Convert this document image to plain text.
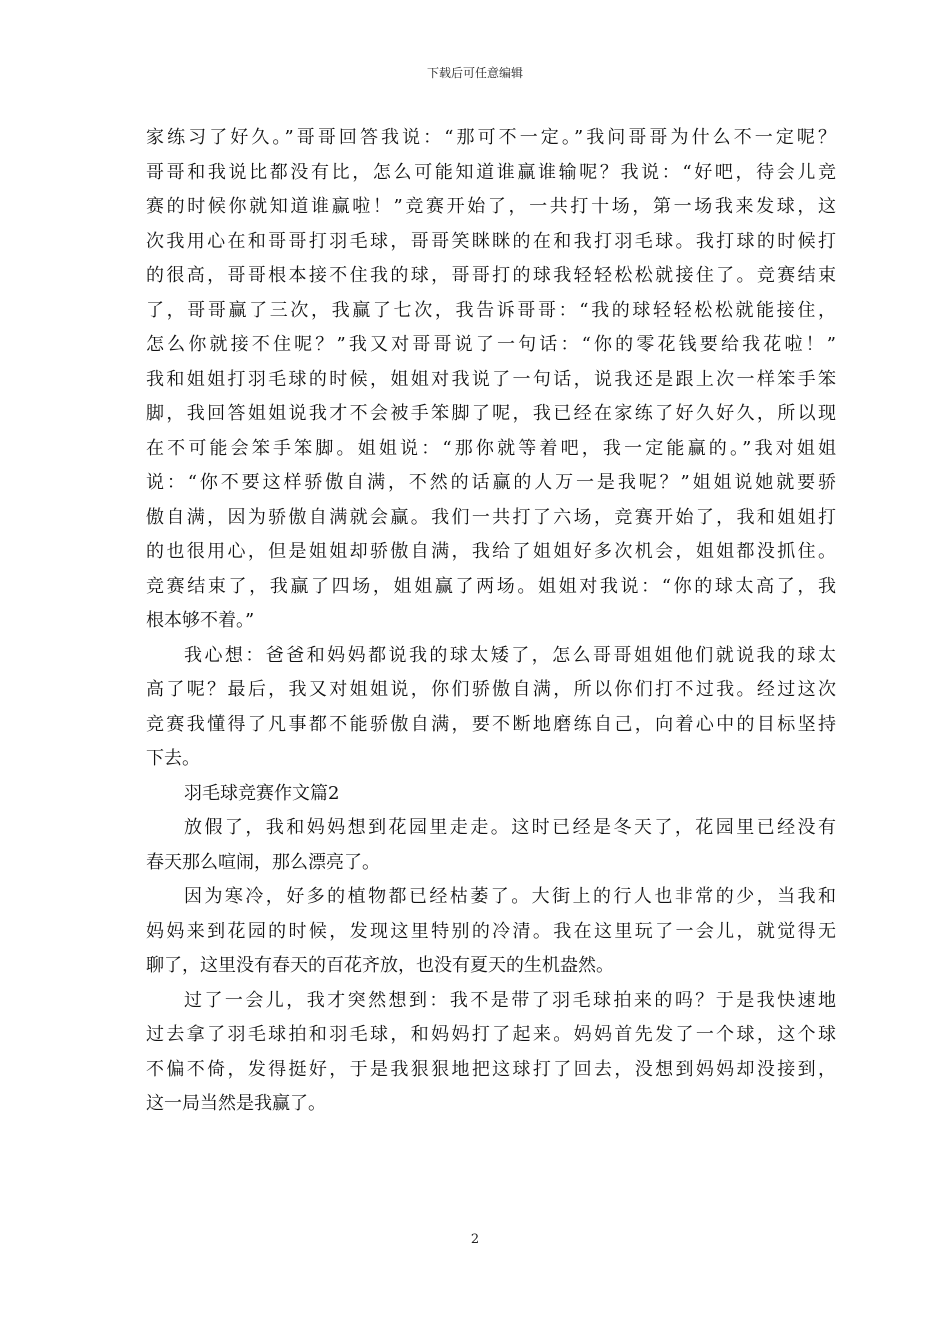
下载后可任意编辑
家练习了好久。”哥哥回答我说：“那可不一定。”我问哥哥为什么不一定呢？
哥哥和我说比都没有比，怎么可能知道谁赢谁输呢？我说：“好吧，待会儿竞
赛的时候你就知道谁赢啦！”竞赛开始了，一共打十场，第一场我来发球，这
次我用心在和哥哥打羽毛球，哥哥笑眯眯的在和我打羽毛球。我打球的时候打
的很高，哥哥根本接不住我的球，哥哥打的球我轻轻松松就接住了。竞赛结束
了，哥哥赢了三次，我赢了七次，我告诉哥哥：“我的球轻轻松松就能接住，
怎么你就接不住呢？”我又对哥哥说了一句话：“你的零花钱要给我花啦！”
我和姐姐打羽毛球的时候，姐姐对我说了一句话，说我还是跟上次一样笨手笨
脚，我回答姐姐说我才不会被手笨脚了呢，我已经在家练了好久好久，所以现
在不可能会笨手笨脚。姐姐说：“那你就等着吧，我一定能赢的。”我对姐姐
说：“你不要这样骄傲自满，不然的话赢的人万一是我呢？”姐姐说她就要骄
傲自满，因为骄傲自满就会赢。我们一共打了六场，竞赛开始了，我和姐姐打
的也很用心，但是姐姐却骄傲自满，我给了姐姐好多次机会，姐姐都没抓住。
竞赛结束了，我赢了四场，姐姐赢了两场。姐姐对我说：“你的球太高了，我
根本够不着。”
我心想：爸爸和妈妈都说我的球太矮了，怎么哥哥姐姐他们就说我的球太
高了呢？最后，我又对姐姐说，你们骄傲自满，所以你们打不过我。经过这次
竞赛我懂得了凡事都不能骄傲自满，要不断地磨练自己，向着心中的目标坚持
下去。
羽毛球竞赛作文篇2
放假了，我和妈妈想到花园里走走。这时已经是冬天了，花园里已经没有
春天那么喧闹，那么漂亮了。
因为寒冷，好多的植物都已经枯萎了。大街上的行人也非常的少，当我和
妈妈来到花园的时候，发现这里特别的冷清。我在这里玩了一会儿，就觉得无
聊了，这里没有春天的百花齐放，也没有夏天的生机盎然。
过了一会儿，我才突然想到：我不是带了羽毛球拍来的吗？于是我快速地
过去拿了羽毛球拍和羽毛球，和妈妈打了起来。妈妈首先发了一个球，这个球
不偏不倚，发得挺好，于是我狠狠地把这球打了回去，没想到妈妈却没接到，
这一局当然是我赢了。
2
